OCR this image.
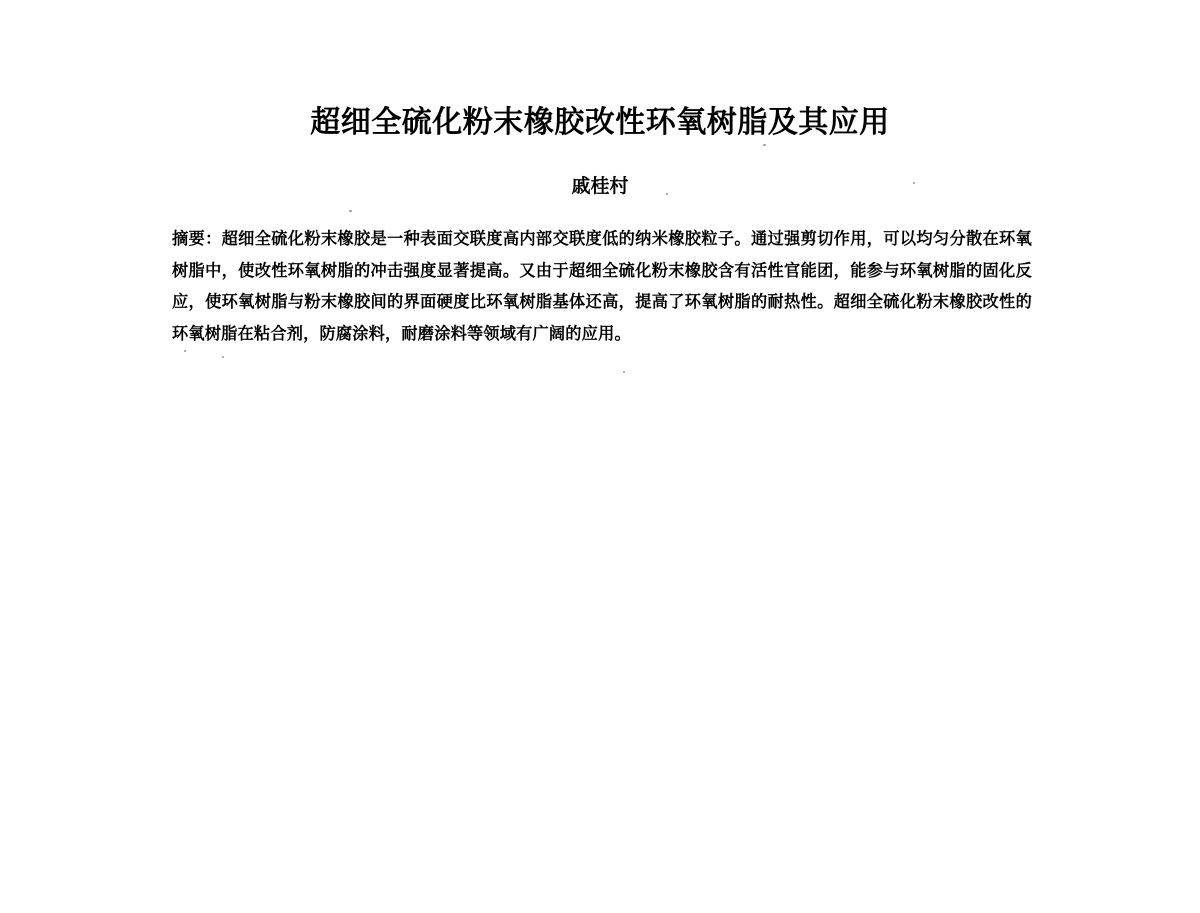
超细全硫化粉末橡胶改性环氧树脂及其应用
戚桂村
摘要：超细全硫化粉末橡胶是一种表面交联度高内部交联度低的纳米橡胶粒子。通过强剪切作用，可以均匀分散在环氧树脂中，使改性环氧树脂的冲击强度显著提高。又由于超细全硫化粉末橡胶含有活性官能团，能参与环氧树脂的固化反应，使环氧树脂与粉末橡胶间的界面硬度比环氧树脂基体还高，提高了环氧树脂的耐热性。超细全硫化粉末橡胶改性的环氧树脂在粘合剂，防腐涂料，耐磨涂料等领域有广阔的应用。
